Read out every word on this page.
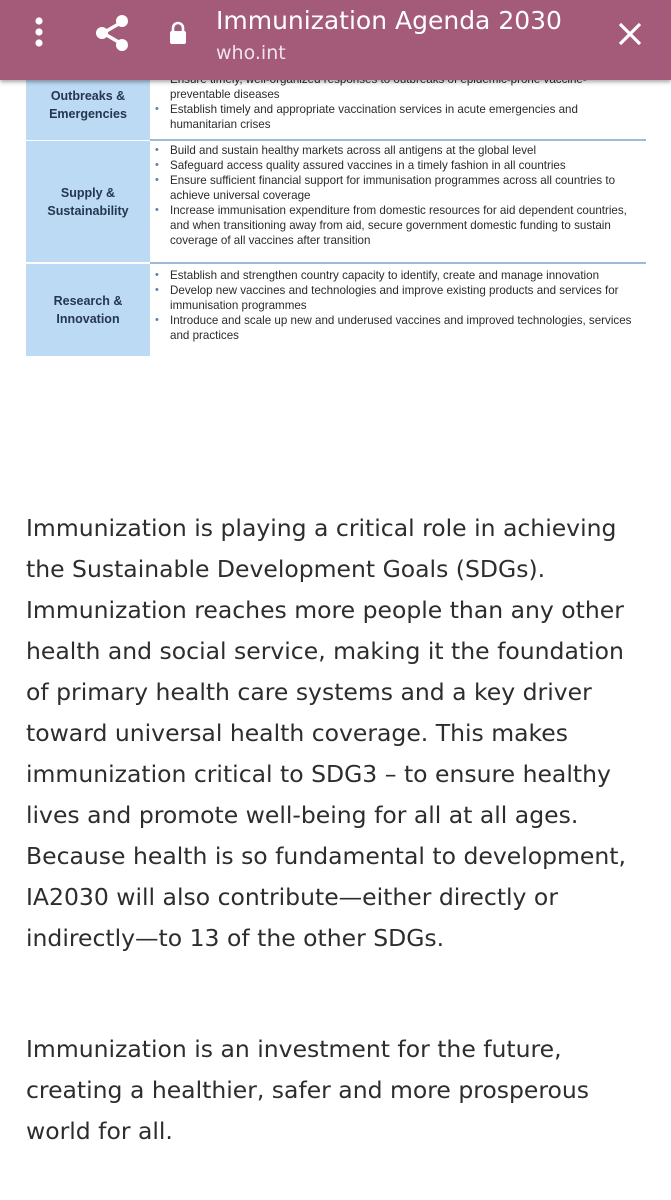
Immunization Agenda 2030
who.int
Outbreaks &
Emergencies
• preventable diseases
• Establish timely and appropriate vaccination services in acute emergencies and humanitarian crises
Supply &
Sustainability
• Build and sustain healthy markets across all antigens at the global level
• Safeguard access quality assured vaccines in a timely fashion in all countries
• Ensure sufficient financial support for immunisation programmes across all countries to achieve universal coverage
• Increase immunisation expenditure from domestic resources for aid dependent countries, and when transitioning away from aid, secure government domestic funding to sustain coverage of all vaccines after transition
Research &
Innovation
• Establish and strengthen country capacity to identify, create and manage innovation
• Develop new vaccines and technologies and improve existing products and services for immunisation programmes
• Introduce and scale up new and underused vaccines and improved technologies, services and practices

Immunization is playing a critical role in achieving the Sustainable Development Goals (SDGs). Immunization reaches more people than any other health and social service, making it the foundation of primary health care systems and a key driver toward universal health coverage. This makes immunization critical to SDG3 – to ensure healthy lives and promote well-being for all at all ages. Because health is so fundamental to development, IA2030 will also contribute—either directly or indirectly—to 13 of the other SDGs.

Immunization is an investment for the future, creating a healthier, safer and more prosperous world for all.
